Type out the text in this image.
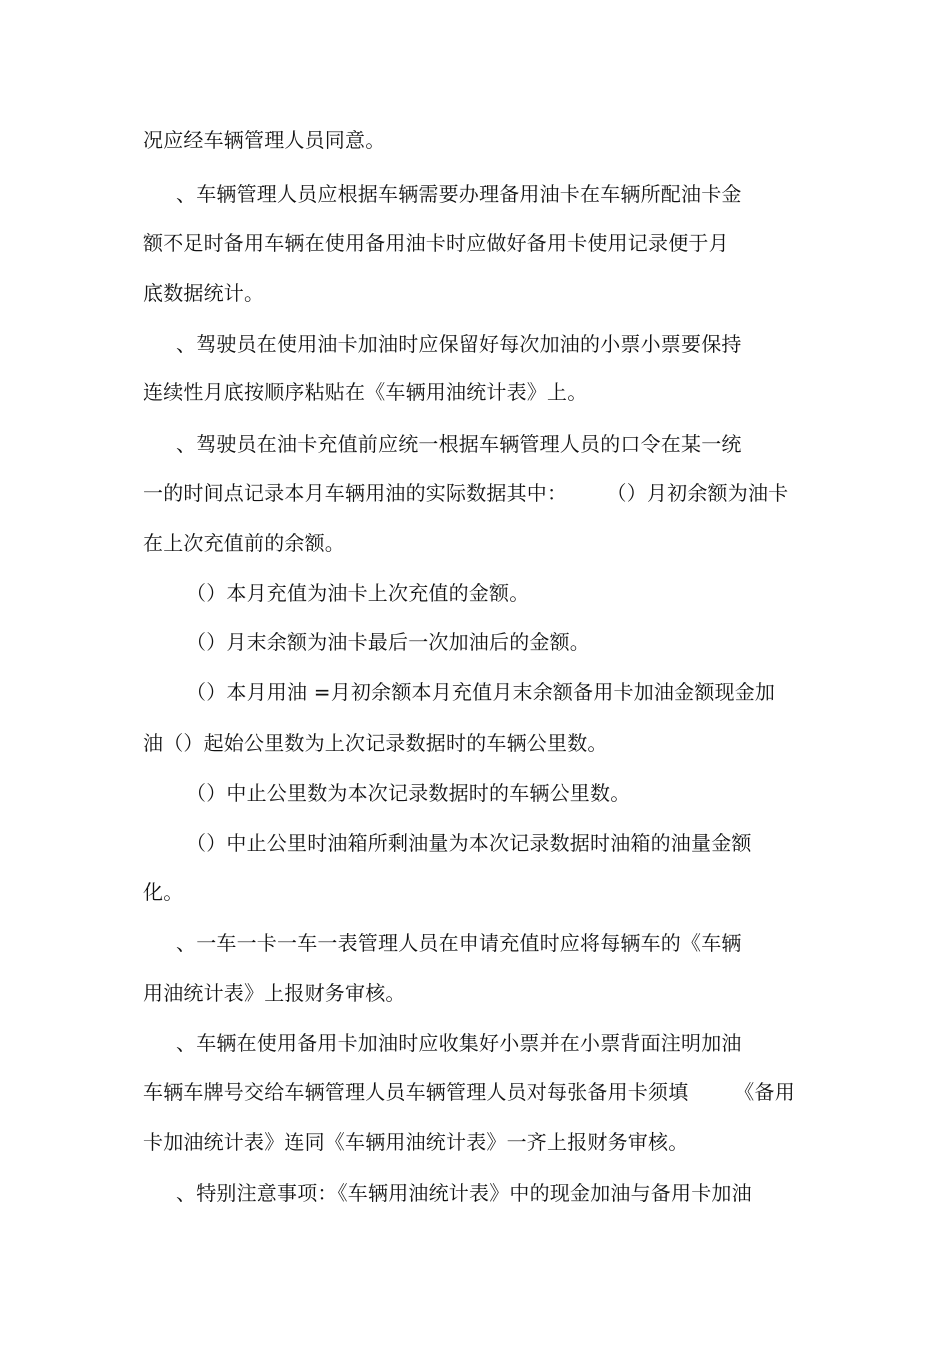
况应经车辆管理人员同意。
、车辆管理人员应根据车辆需要办理备用油卡在车辆所配油卡金
额不足时备用车辆在使用备用油卡时应做好备用卡使用记录便于月
底数据统计。
、驾驶员在使用油卡加油时应保留好每次加油的小票小票要保持
连续性月底按顺序粘贴在《车辆用油统计表》上。
、驾驶员在油卡充值前应统一根据车辆管理人员的口令在某一统
一的时间点记录本月车辆用油的实际数据其中：      （）月初余额为油卡
在上次充值前的余额。
（）本月充值为油卡上次充值的金额。
（）月末余额为油卡最后一次加油后的金额。
（）本月用油 =月初余额本月充值月末余额备用卡加油金额现金加
油（）起始公里数为上次记录数据时的车辆公里数。
（）中止公里数为本次记录数据时的车辆公里数。
（）中止公里时油箱所剩油量为本次记录数据时油箱的油量金额
化。
、一车一卡一车一表管理人员在申请充值时应将每辆车的《车辆
用油统计表》上报财务审核。
、车辆在使用备用卡加油时应收集好小票并在小票背面注明加油
车辆车牌号交给车辆管理人员车辆管理人员对每张备用卡须填       《备用
卡加油统计表》连同《车辆用油统计表》一齐上报财务审核。
、特别注意事项：《车辆用油统计表》中的现金加油与备用卡加油
